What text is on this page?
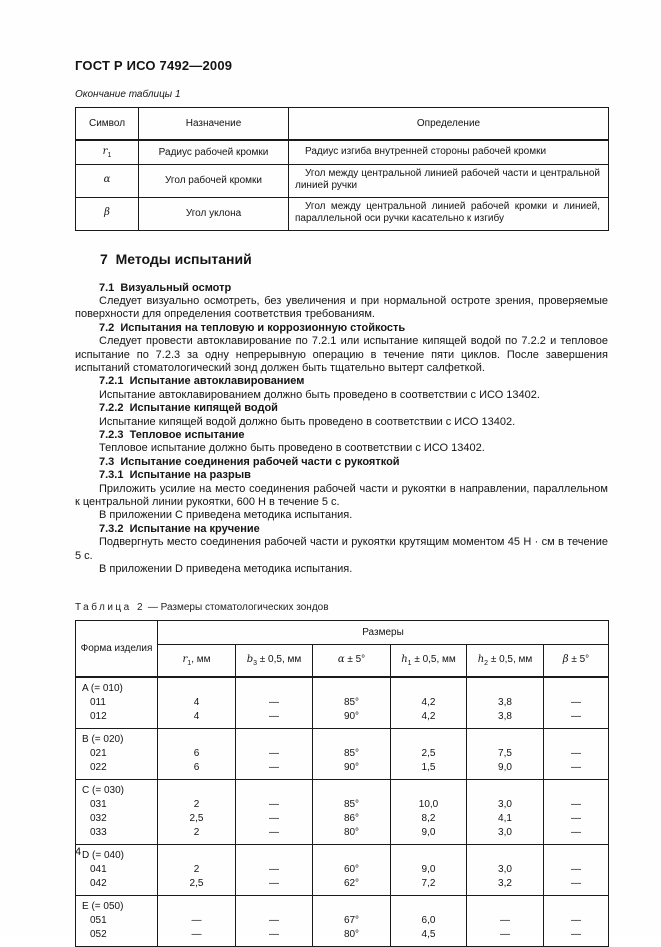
ГОСТ Р ИСО 7492—2009
Окончание таблицы 1
Символ	Назначение	Определение
$r_1$	Радиус рабочей кромки	Радиус изгиба внутренней стороны рабочей кромки
α	Угол рабочей кромки	Угол между центральной линией рабочей части и центральной линией ручки
β	Угол уклона	Угол между центральной линией рабочей кромки и линией, параллельной оси ручки касательно к изгибу
7  Методы испытаний
7.1  Визуальный осмотр
Следует визуально осмотреть, без увеличения и при нормальной остроте зрения, проверяемые поверхности для определения соответствия требованиям.
7.2  Испытания на тепловую и коррозионную стойкость
Следует провести автоклавирование по 7.2.1 или испытание кипящей водой по 7.2.2 и тепловое испытание по 7.2.3 за одну непрерывную операцию в течение пяти циклов. После завершения испытаний стоматологический зонд должен быть тщательно вытерт салфеткой.
7.2.1  Испытание автоклавированием
Испытание автоклавированием должно быть проведено в соответствии с ИСО 13402.
7.2.2  Испытание кипящей водой
Испытание кипящей водой должно быть проведено в соответствии с ИСО 13402.
7.2.3  Тепловое испытание
Тепловое испытание должно быть проведено в соответствии с ИСО 13402.
7.3  Испытание соединения рабочей части с рукояткой
7.3.1  Испытание на разрыв
Приложить усилие на место соединения рабочей части и рукоятки в направлении, параллельном к центральной линии рукоятки, 600 Н в течение 5 с.
В приложении С приведена методика испытания.
7.3.2  Испытание на кручение
Подвергнуть место соединения рабочей части и рукоятки крутящим моментом 45 Н · см в течение 5 с.
В приложении D приведена методика испытания.
Таблица 2 — Размеры стоматологических зондов
Форма изделия	Размеры					
	$r_1$, мм	$b_3 \pm 0,5$, мм	α ± 5°	$h_1 \pm 0,5$, мм	$h_2 \pm 0,5$, мм	β ± 5°
A (= 010)						
011	4	—	85°	4,2	3,8	—
012	4	—	90°	4,2	3,8	—
B (= 020)						
021	6	—	85°	2,5	7,5	—
022	6	—	90°	1,5	9,0	—
C (= 030)						
031	2	—	85°	10,0	3,0	—
032	2,5	—	86°	8,2	4,1	—
033	2	—	80°	9,0	3,0	—
D (= 040)						
041	2	—	60°	9,0	3,0	—
042	2,5	—	62°	7,2	3,2	—
E (= 050)						
051	—	—	67°	6,0	—	—
052	—	—	80°	4,5	—	—
4
